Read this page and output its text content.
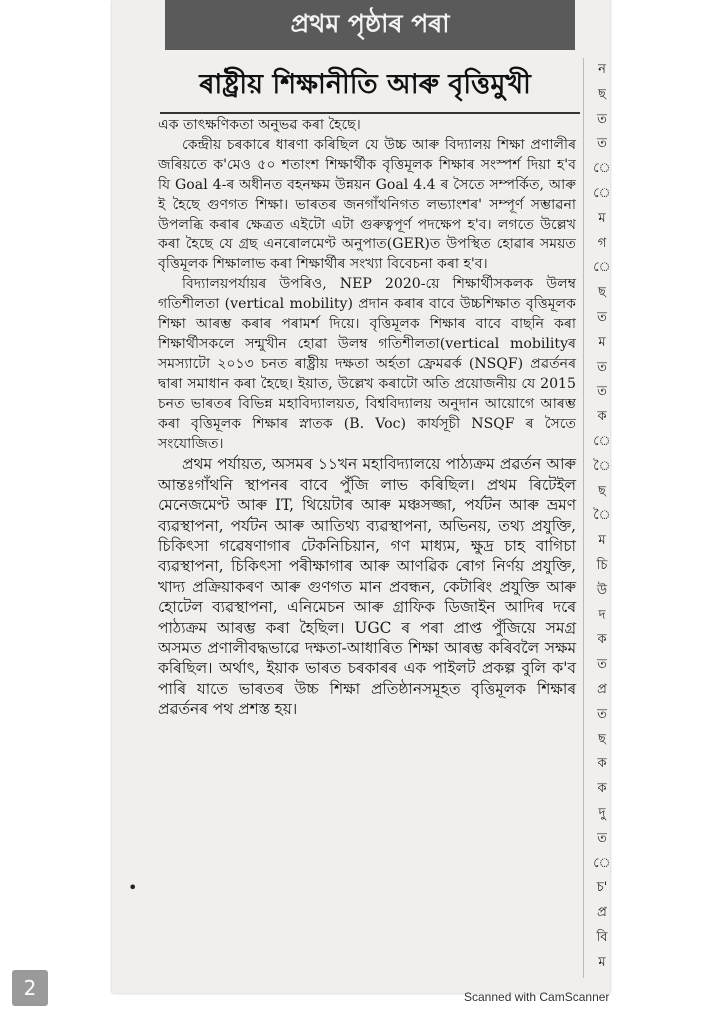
প্ৰথম পৃষ্ঠাৰ পৰা
ৰাষ্ট্ৰীয় শিক্ষানীতি আৰু বৃত্তিমুখী

এক তাৎক্ষণিকতা অনুভৱ কৰা হৈছে।

কেন্দ্ৰীয় চৰকাৰে ধাৰণা কৰিছিল যে উচ্চ আৰু বিদ্যালয় শিক্ষা প্ৰণালীৰ জৰিয়তে ক'মেও ৫০ শতাংশ শিক্ষাৰ্থীক বৃত্তিমূলক শিক্ষাৰ সংস্পৰ্শ দিয়া হ'ব যি Goal 4-ৰ অধীনত বহনক্ষম উন্নয়ন Goal 4.4 ৰ সৈতে সম্পৰ্কিত, আৰু ই হৈছে গুণগত শিক্ষা। ভাৰতৰ জনগাঁথনিগত লভ্যাংশৰ' সম্পূৰ্ণ সম্ভাৱনা উপলব্ধি কৰাৰ ক্ষেত্ৰত এইটো এটা গুৰুত্বপূৰ্ণ পদক্ষেপ হ'ব। লগতে উল্লেখ কৰা হৈছে যে গ্ৰছ এনৰোলমেণ্ট অনুপাত(GER)ত উপস্থিত হোৱাৰ সময়ত বৃত্তিমূলক শিক্ষালাভ কৰা শিক্ষাৰ্থীৰ সংখ্যা বিবেচনা কৰা হ'ব।

বিদ্যালয়পৰ্যায়ৰ উপৰিও, NEP 2020-য়ে শিক্ষাৰ্থীসকলক উলম্ব গতিশীলতা (vertical mobility) প্ৰদান কৰাৰ বাবে উচ্চশিক্ষাত বৃত্তিমূলক শিক্ষা আৰম্ভ কৰাৰ পৰামৰ্শ দিয়ে। বৃত্তিমূলক শিক্ষাৰ বাবে বাছনি কৰা শিক্ষাৰ্থীসকলে সন্মুখীন হোৱা উলম্ব গতিশীলতা(vertical mobilityৰ সমস্যাটো ২০১৩ চনত ৰাষ্ট্ৰীয় দক্ষতা অৰ্হতা ফ্ৰেমৱৰ্ক (NSQF) প্ৰৱৰ্তনৰ দ্বাৰা সমাধান কৰা হৈছে। ইয়াত, উল্লেখ কৰাটো অতি প্ৰয়োজনীয় যে 2015 চনত ভাৰতৰ বিভিন্ন মহাবিদ্যালয়ত, বিশ্ববিদ্যালয় অনুদান আয়োগে আৰম্ভ কৰা বৃত্তিমূলক শিক্ষাৰ স্নাতক (B. Voc) কাৰ্যসূচী NSQF ৰ সৈতে সংযোজিত।

প্ৰথম পৰ্যায়ত, অসমৰ ১১খন মহাবিদ্যালয়ে পাঠ্যক্ৰম প্ৰৱৰ্তন আৰু আন্তঃগাঁথনি স্থাপনৰ বাবে পুঁজি লাভ কৰিছিল। প্ৰথম ৰিটেইল মেনেজমেণ্ট আৰু IT, থিয়েটাৰ আৰু মঞ্চসজ্জা, পৰ্যটন আৰু ভ্ৰমণ ব্যৱস্থাপনা, পৰ্যটন আৰু আতিথ্য ব্যৱস্থাপনা, অভিনয়, তথ্য প্ৰযুক্তি, চিকিৎসা গৱেষণাগাৰ টেকনিচিয়ান, গণ মাধ্যম, ক্ষুদ্ৰ চাহ বাগিচা ব্যৱস্থাপনা, চিকিৎসা পৰীক্ষাগাৰ আৰু আণৱিক ৰোগ নিৰ্ণয় প্ৰযুক্তি, খাদ্য প্ৰক্ৰিয়াকৰণ আৰু গুণগত মান প্ৰবন্ধন, কেটাৰিং প্ৰযুক্তি আৰু হোটেল ব্যৱস্থাপনা, এনিমেচন আৰু গ্ৰাফিক ডিজাইন আদিৰ দৰে পাঠ্যক্ৰম আৰম্ভ কৰা হৈছিল। UGC ৰ পৰা প্ৰাপ্ত পুঁজিয়ে সমগ্ৰ অসমত প্ৰণালীবদ্ধভাৱে দক্ষতা-আধাৰিত শিক্ষা আৰম্ভ কৰিবলৈ সক্ষম কৰিছিল। অৰ্থাৎ, ইয়াক ভাৰত চৰকাৰৰ এক পাইলট প্ৰকল্প বুলি ক'ব পাৰি যাতে ভাৰতৰ উচ্চ শিক্ষা প্ৰতিষ্ঠানসমূহত বৃত্তিমূলক শিক্ষাৰ প্ৰৱৰ্তনৰ পথ প্ৰশস্ত হয়।

•
ন
ছ
ত
ত
ে
ে
ম
গ
ে
ছ
ত
ম
ত
ত
ক
ে
ৈ
ছ
ৈ
ম
চি
উ
দ
ক
ত
প্ৰ
ত
ছ
ক
ক
দু
ত
ে
চ'
প্ৰ
বি
ম
2	Scanned with CamScanner
